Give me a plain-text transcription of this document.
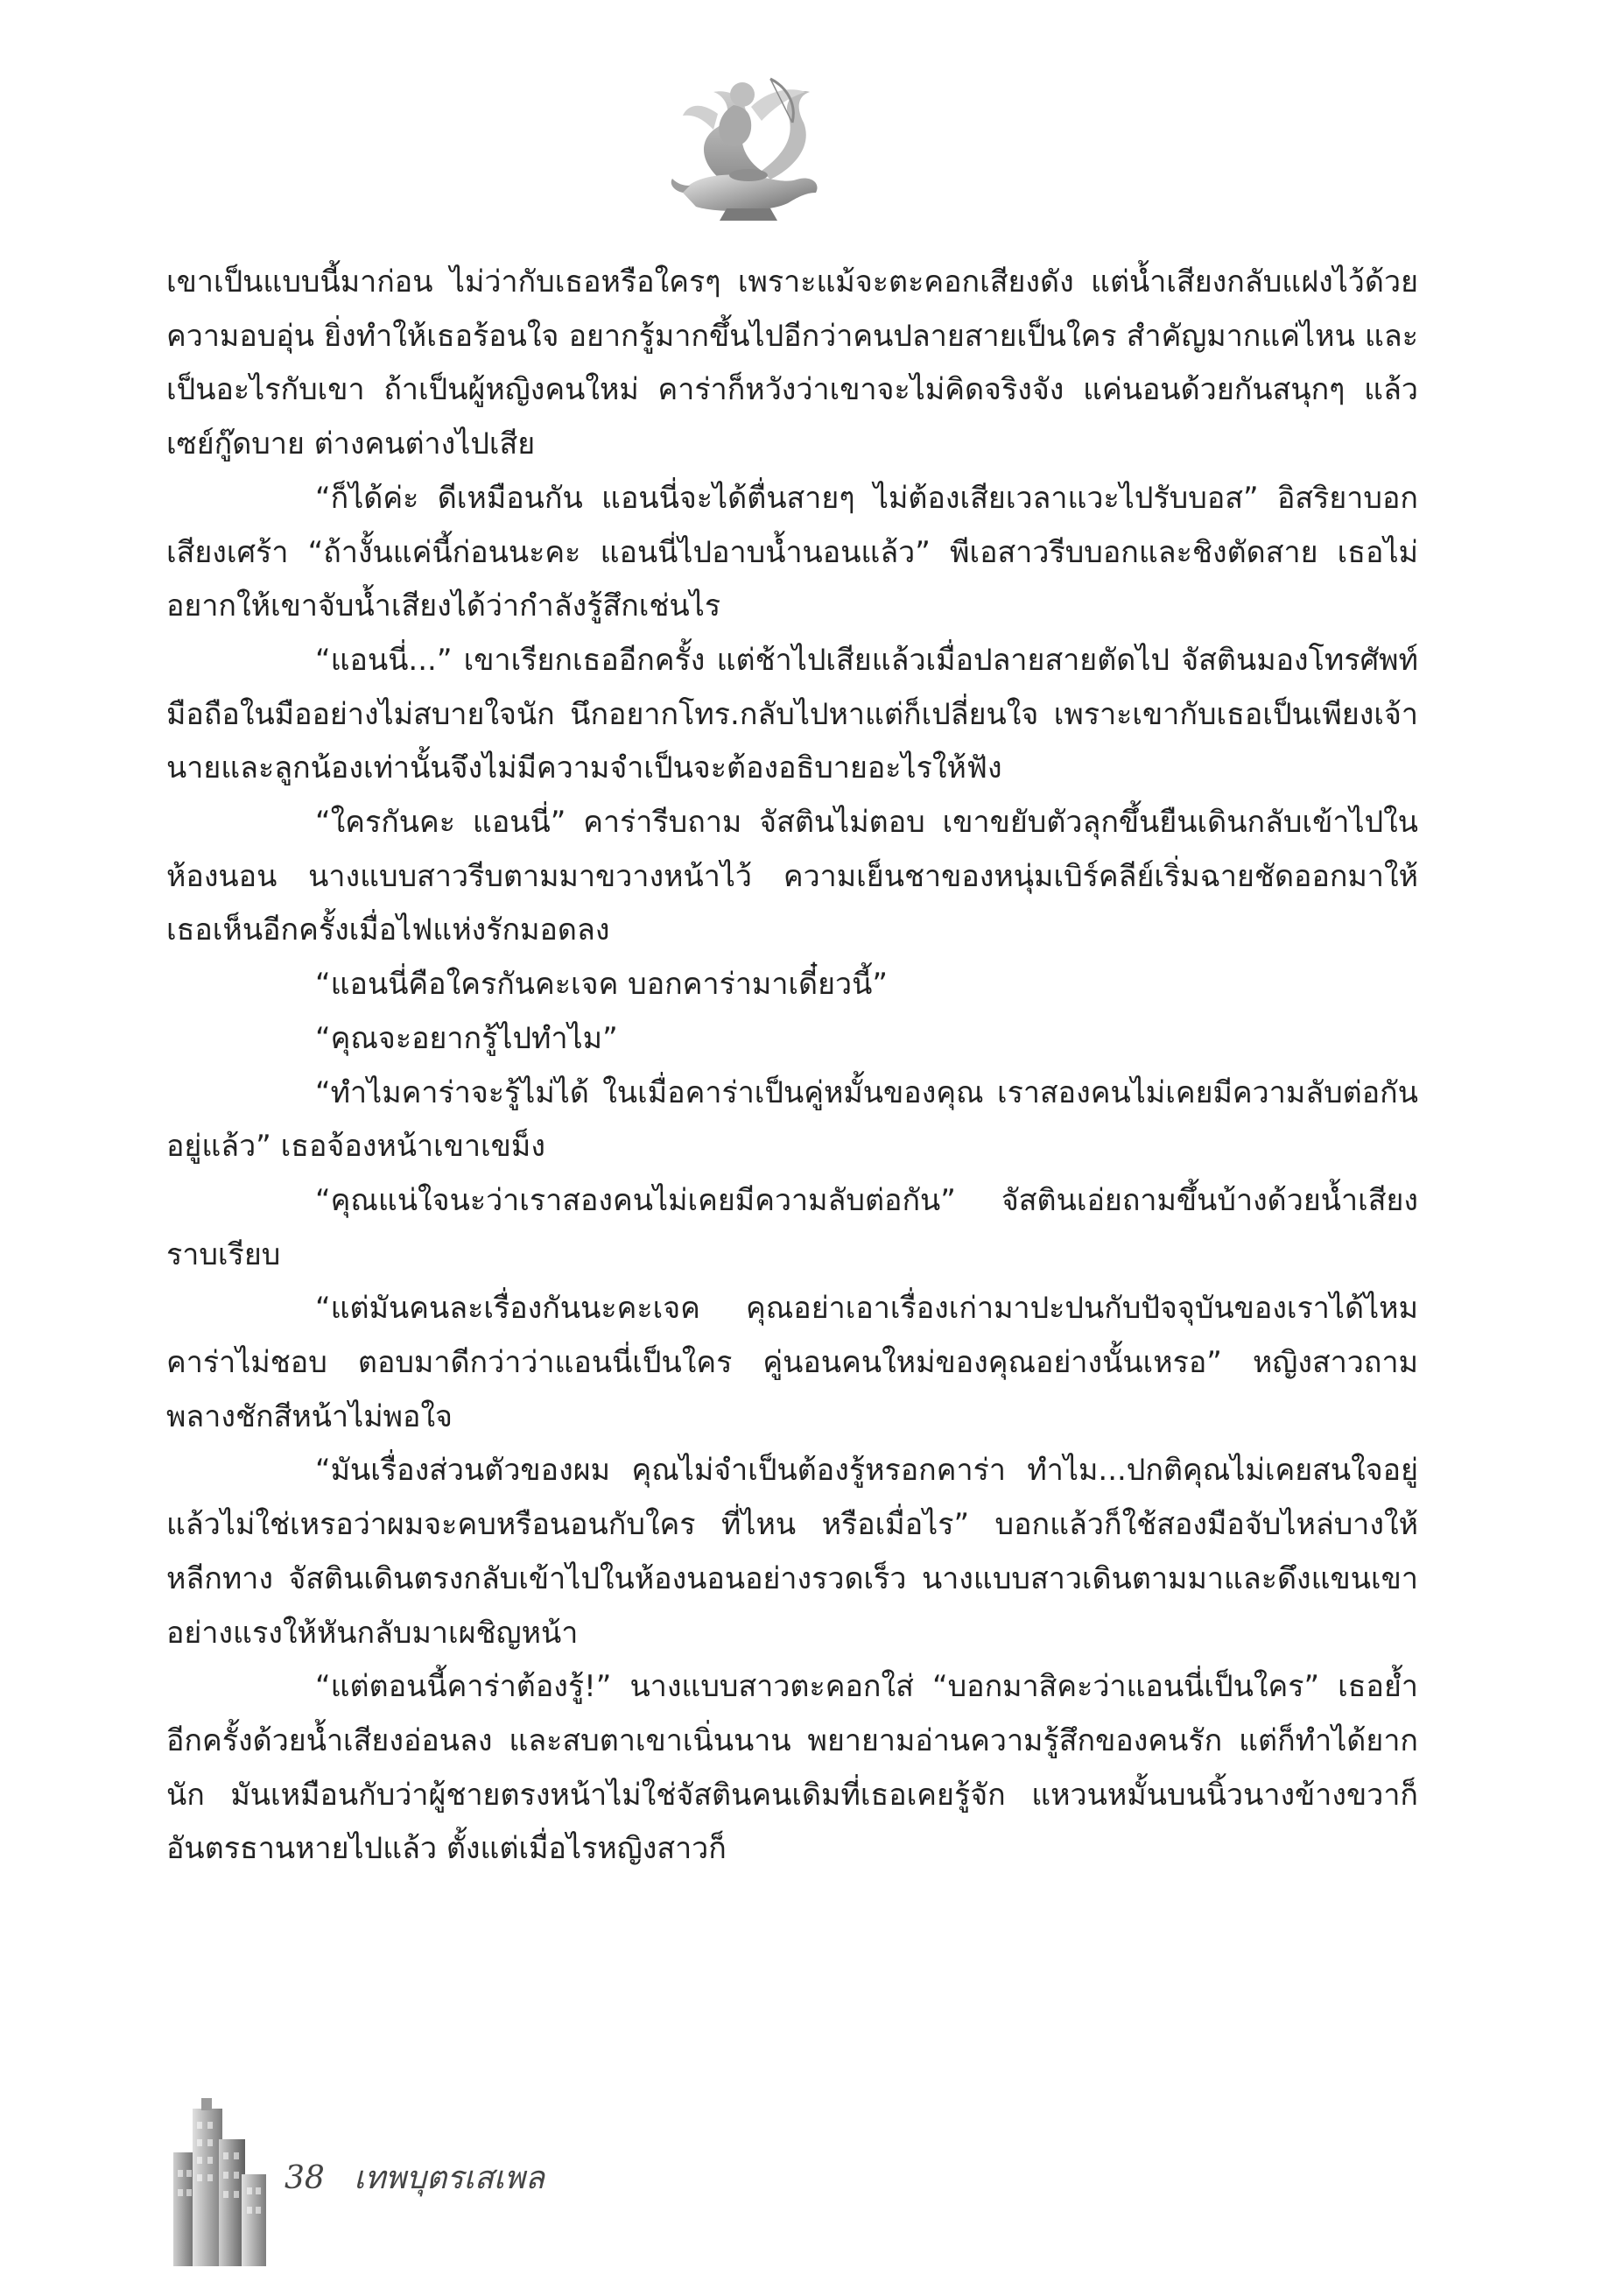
เขาเป็นแบบนี้มาก่อน ไม่ว่ากับเธอหรือใครๆ เพราะแม้จะตะคอกเสียงดัง แต่น้ำเสียงกลับแฝงไว้ด้วยความอบอุ่น ยิ่งทำให้เธอร้อนใจ อยากรู้มากขึ้นไปอีกว่าคนปลายสายเป็นใคร สำคัญมากแค่ไหน และเป็นอะไรกับเขา ถ้าเป็นผู้หญิงคนใหม่ คาร่าก็หวังว่าเขาจะไม่คิดจริงจัง แค่นอนด้วยกันสนุกๆ แล้วเซย์กู๊ดบาย ต่างคนต่างไปเสีย

“ก็ได้ค่ะ ดีเหมือนกัน แอนนี่จะได้ตื่นสายๆ ไม่ต้องเสียเวลาแวะไปรับบอส” อิสริยาบอกเสียงเศร้า “ถ้างั้นแค่นี้ก่อนนะคะ แอนนี่ไปอาบน้ำนอนแล้ว” พีเอสาวรีบบอกและชิงตัดสาย เธอไม่อยากให้เขาจับน้ำเสียงได้ว่ากำลังรู้สึกเช่นไร

“แอนนี่...” เขาเรียกเธออีกครั้ง แต่ช้าไปเสียแล้วเมื่อปลายสายตัดไป จัสตินมองโทรศัพท์มือถือในมืออย่างไม่สบายใจนัก นึกอยากโทร.กลับไปหาแต่ก็เปลี่ยนใจ เพราะเขากับเธอเป็นเพียงเจ้านายและลูกน้องเท่านั้นจึงไม่มีความจำเป็นจะต้องอธิบายอะไรให้ฟัง

“ใครกันคะ แอนนี่” คาร่ารีบถาม จัสตินไม่ตอบ เขาขยับตัวลุกขึ้นยืนเดินกลับเข้าไปในห้องนอน นางแบบสาวรีบตามมาขวางหน้าไว้ ความเย็นชาของหนุ่มเบิร์คลีย์เริ่มฉายชัดออกมาให้เธอเห็นอีกครั้งเมื่อไฟแห่งรักมอดลง

“แอนนี่คือใครกันคะเจค บอกคาร่ามาเดี๋ยวนี้”

“คุณจะอยากรู้ไปทำไม”

“ทำไมคาร่าจะรู้ไม่ได้ ในเมื่อคาร่าเป็นคู่หมั้นของคุณ เราสองคนไม่เคยมีความลับต่อกันอยู่แล้ว” เธอจ้องหน้าเขาเขม็ง

“คุณแน่ใจนะว่าเราสองคนไม่เคยมีความลับต่อกัน” จัสตินเอ่ยถามขึ้นบ้างด้วยน้ำเสียงราบเรียบ

“แต่มันคนละเรื่องกันนะคะเจค คุณอย่าเอาเรื่องเก่ามาปะปนกับปัจจุบันของเราได้ไหม คาร่าไม่ชอบ ตอบมาดีกว่าว่าแอนนี่เป็นใคร คู่นอนคนใหม่ของคุณอย่างนั้นเหรอ” หญิงสาวถามพลางชักสีหน้าไม่พอใจ

“มันเรื่องส่วนตัวของผม คุณไม่จำเป็นต้องรู้หรอกคาร่า ทำไม...ปกติคุณไม่เคยสนใจอยู่แล้วไม่ใช่เหรอว่าผมจะคบหรือนอนกับใคร ที่ไหน หรือเมื่อไร” บอกแล้วก็ใช้สองมือจับไหล่บางให้หลีกทาง จัสตินเดินตรงกลับเข้าไปในห้องนอนอย่างรวดเร็ว นางแบบสาวเดินตามมาและดึงแขนเขาอย่างแรงให้หันกลับมาเผชิญหน้า

“แต่ตอนนี้คาร่าต้องรู้!” นางแบบสาวตะคอกใส่ “บอกมาสิคะว่าแอนนี่เป็นใคร” เธอย้ำอีกครั้งด้วยน้ำเสียงอ่อนลง และสบตาเขาเนิ่นนาน พยายามอ่านความรู้สึกของคนรัก แต่ก็ทำได้ยากนัก มันเหมือนกับว่าผู้ชายตรงหน้าไม่ใช่จัสตินคนเดิมที่เธอเคยรู้จัก แหวนหมั้นบนนิ้วนางข้างขวาก็อันตรธานหายไปแล้ว ตั้งแต่เมื่อไรหญิงสาวก็

38 เทพบุตรเสเพล
